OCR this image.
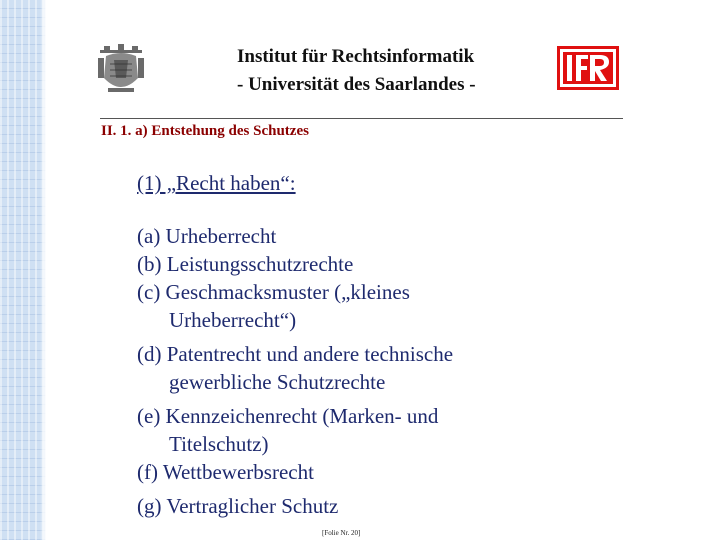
Institut für Rechtsinformatik
- Universität des Saarlandes -
II. 1. a) Entstehung des Schutzes
(1) „Recht haben“:
(a) Urheberrecht
(b) Leistungsschutzrechte
(c) Geschmacksmuster („kleines
Urheberrecht“)
(d) Patentrecht und andere technische
gewerbliche Schutzrechte
(e) Kennzeichenrecht (Marken- und
Titelschutz)
(f) Wettbewerbsrecht
(g) Vertraglicher Schutz
[Folie Nr. 20]
